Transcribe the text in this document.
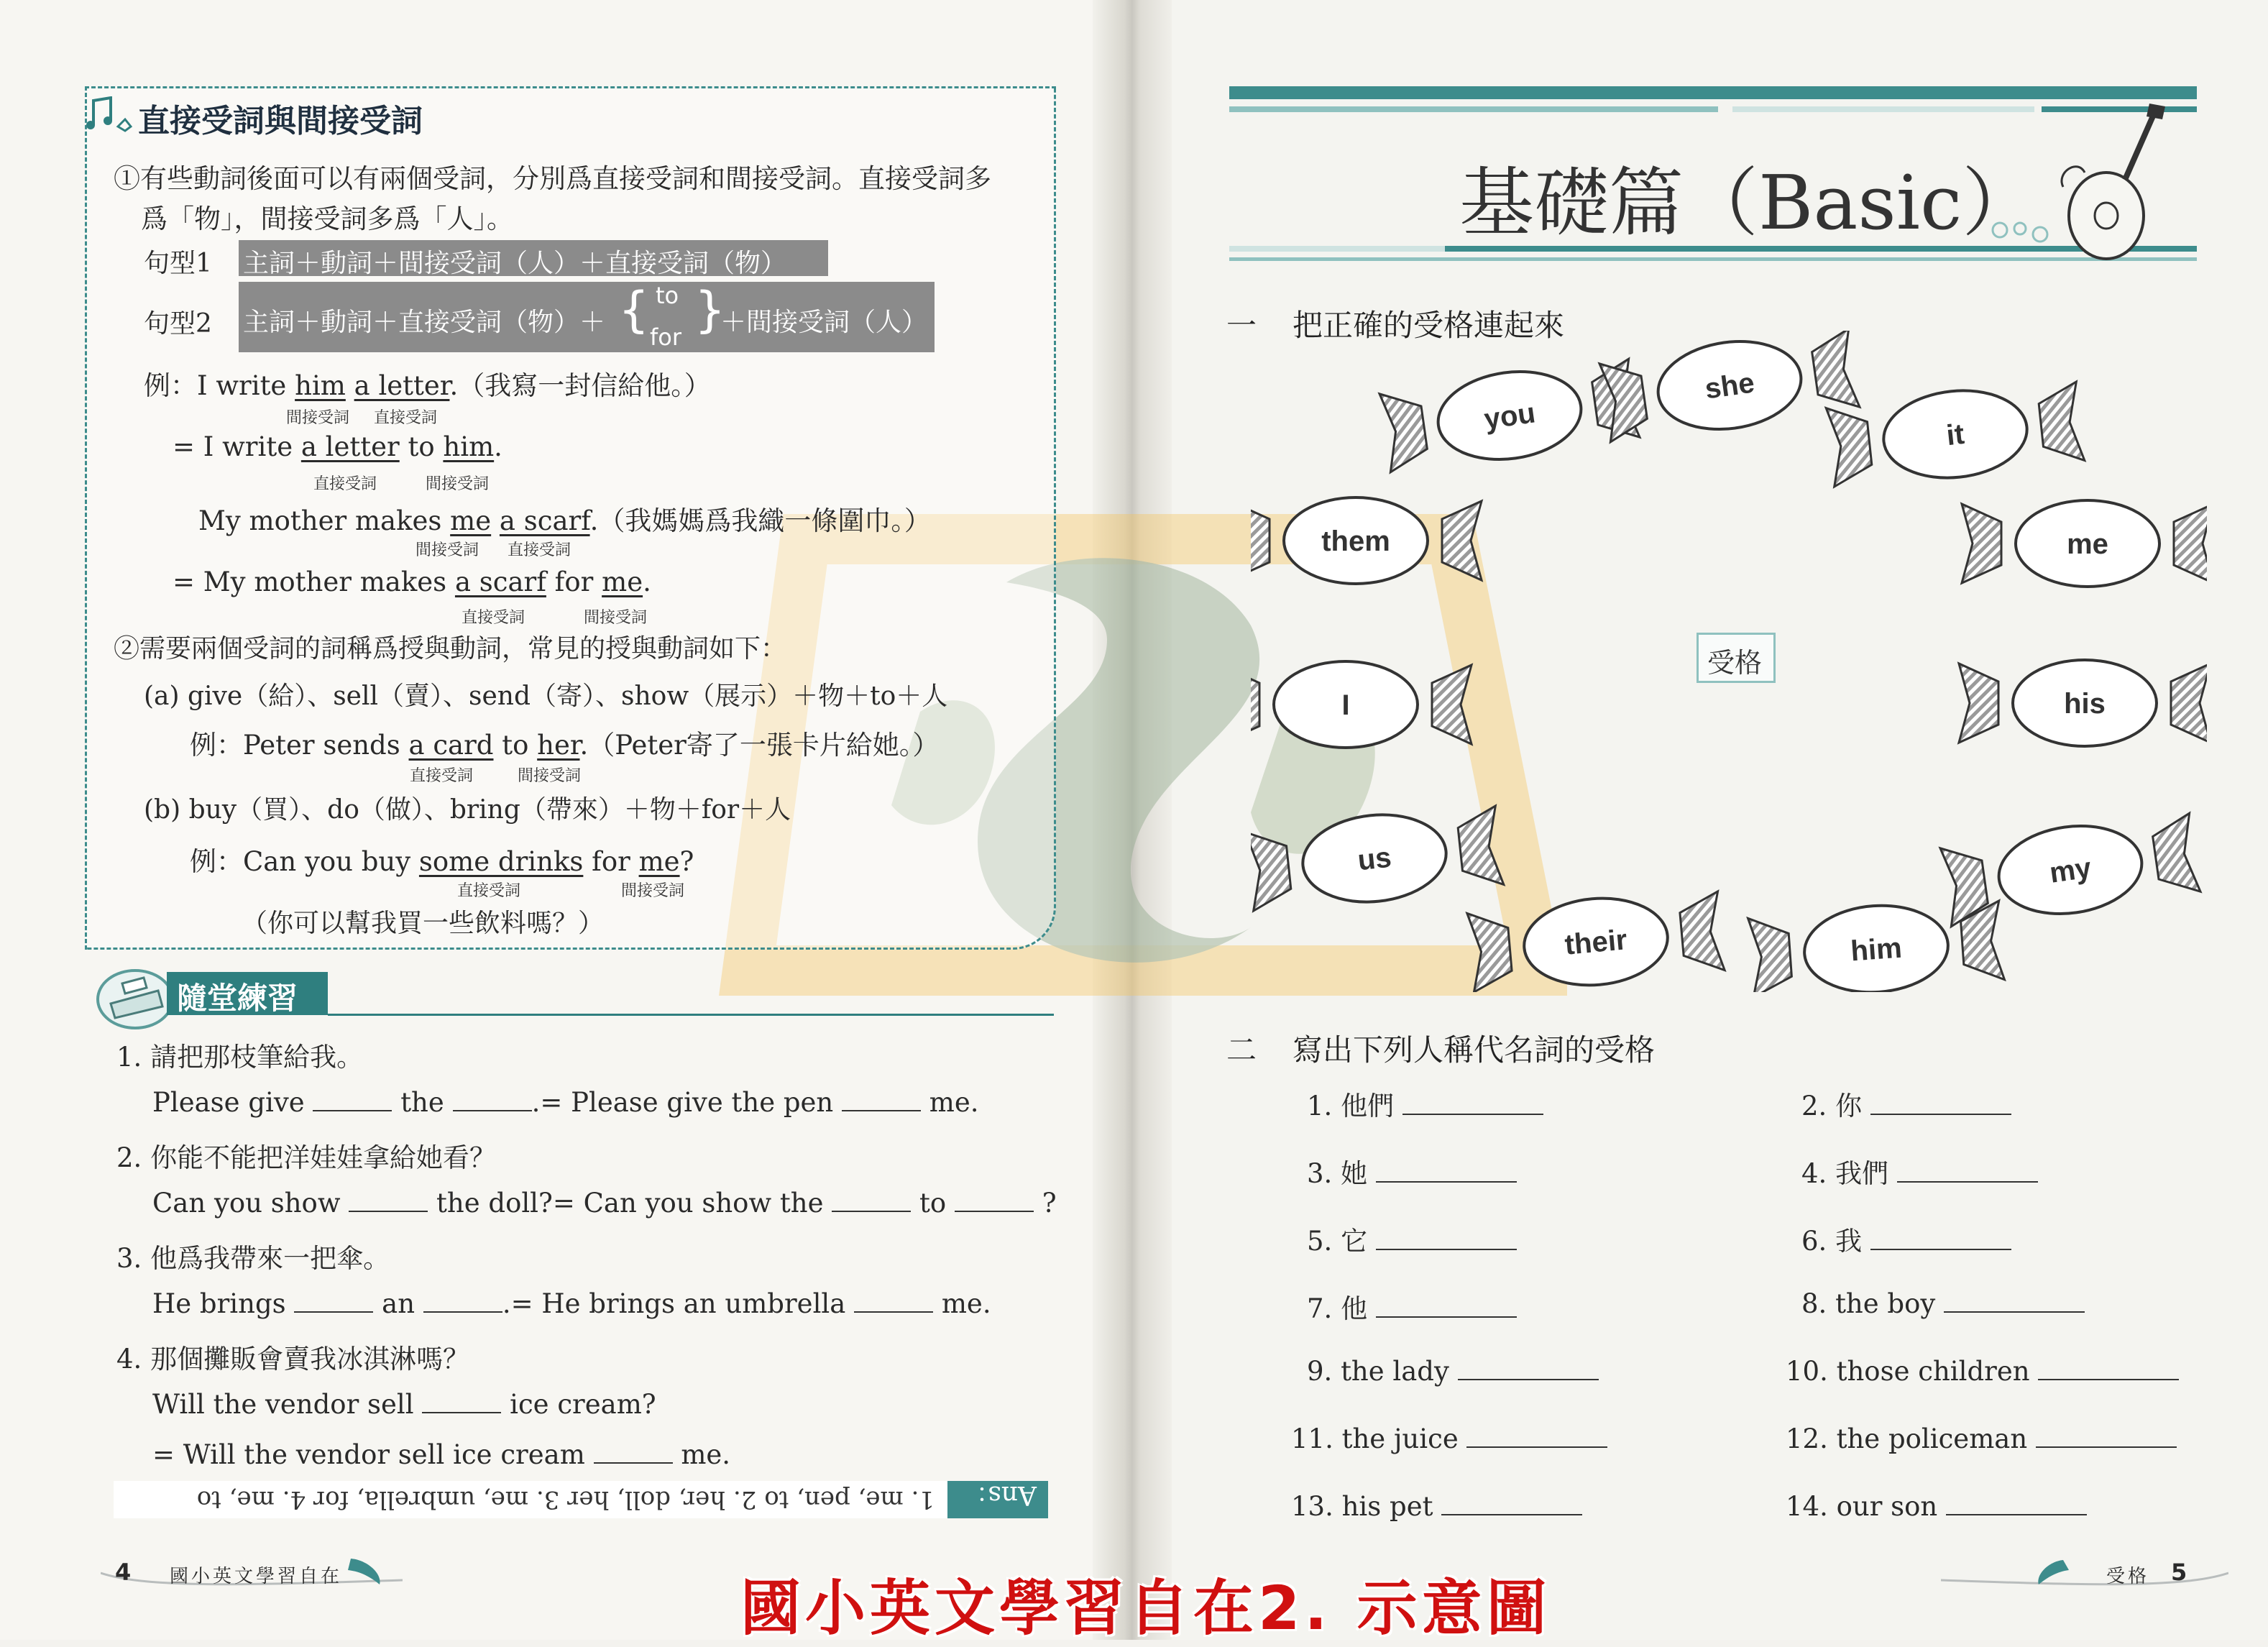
直接受詞與間接受詞
①有些動詞後面可以有兩個受詞，分別爲直接受詞和間接受詞。直接受詞多
爲「物」，間接受詞多爲「人」。
句型1 主詞＋動詞＋間接受詞（人）＋直接受詞（物）
句型2 主詞＋動詞＋直接受詞（物）＋ { to
for }
＋間接受詞（人）
例：I write him a letter.（我寫一封信給他。）
間接受詞 直接受詞
= I write a letter to him.
直接受詞	間接受詞
My mother makes me a scarf.（我媽媽爲我織一條圍巾。）
間接受詞 直接受詞
= My mother makes a scarf for me.
直接受詞	間接受詞
②需要兩個受詞的詞稱爲授與動詞，常見的授與動詞如下：
(a) give（給）、sell（賣）、send（寄）、show（展示）＋物＋to＋人
例：Peter sends a card to her.（Peter寄了一張卡片給她。）
直接受詞	間接受詞
(b) buy（買）、do（做）、bring（帶來）＋物＋for＋人
例：Can you buy some drinks for me?
直接受詞	間接受詞
（你可以幫我買一些飲料嗎？）
隨堂練習
1. 請把那枝筆給我。
Please give	the	.= Please give the pen	me.
2. 你能不能把洋娃娃拿給她看？
Can you show	the doll?= Can you show the	to	?
3. 他爲我帶來一把傘。
He brings	an	.= He brings an umbrella	me.
4. 那個攤販會賣我冰淇淋嗎？
Will the vendor sell	ice cream?
= Will the vendor sell ice cream	me.
Ans：
1. me, pen, to 2. her, doll, her 3. me, umbrella, for 4. me, to
4 國小英文學習自在
基礎篇（Basic）
一 把正確的受格連起來
you
she
it
them	me
I	his
us	my
their	him
受格
二 寫出下列人稱代名詞的受格
1. 他們	2. 你
3. 她	4. 我們
5. 它	6. 我
7. 他	8. the boy
9. the lady	10. those children
11. the juice	12. the policeman
13. his pet	14. our son
受格 5
國小英文學習自在2. 示意圖
